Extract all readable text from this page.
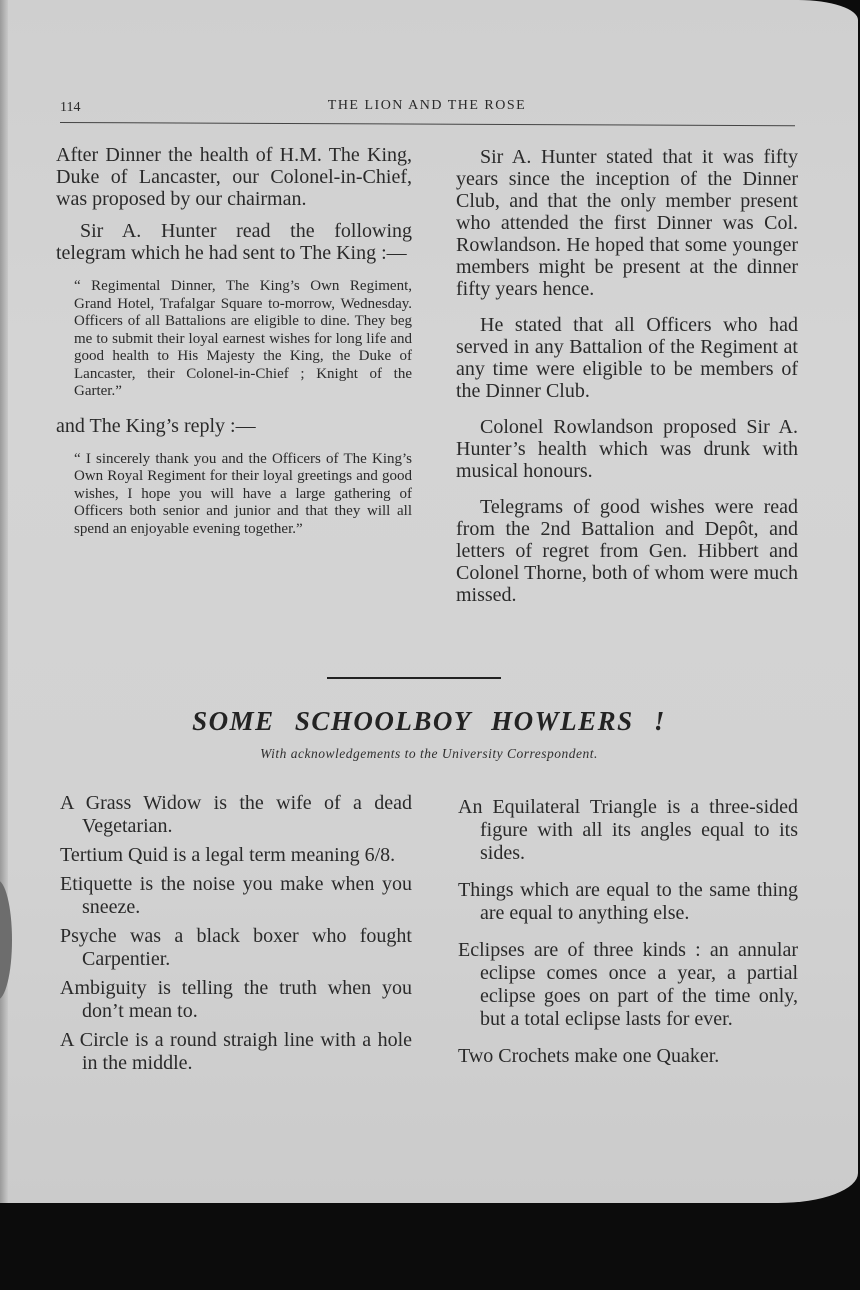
114	THE LION AND THE ROSE

After Dinner the health of H.M. The King, Duke of Lancaster, our Colonel-in-Chief, was proposed by our chairman.

Sir A. Hunter read the following telegram which he had sent to The King :—

“ Regimental Dinner, The King’s Own Regiment, Grand Hotel, Trafalgar Square to-morrow, Wednesday. Officers of all Battalions are eligible to dine. They beg me to submit their loyal earnest wishes for long life and good health to His Majesty the King, the Duke of Lancaster, their Colonel-in-Chief ; Knight of the Garter.”

and The King’s reply :—

“ I sincerely thank you and the Officers of The King’s Own Royal Regiment for their loyal greetings and good wishes, I hope you will have a large gathering of Officers both senior and junior and that they will all spend an enjoyable evening together.”

Sir A. Hunter stated that it was fifty years since the inception of the Dinner Club, and that the only member present who attended the first Dinner was Col. Rowlandson. He hoped that some younger members might be present at the dinner fifty years hence.

He stated that all Officers who had served in any Battalion of the Regiment at any time were eligible to be members of the Dinner Club.

Colonel Rowlandson proposed Sir A. Hunter’s health which was drunk with musical honours.

Telegrams of good wishes were read from the 2nd Battalion and Depôt, and letters of regret from Gen. Hibbert and Colonel Thorne, both of whom were much missed.

SOME SCHOOLBOY HOWLERS !
With acknowledgements to the University Correspondent.

A Grass Widow is the wife of a dead Vegetarian.

Tertium Quid is a legal term meaning 6/8.

Etiquette is the noise you make when you sneeze.

Psyche was a black boxer who fought Carpentier.

Ambiguity is telling the truth when you don’t mean to.

A Circle is a round straigh line with a hole in the middle.

An Equilateral Triangle is a three-sided figure with all its angles equal to its sides.

Things which are equal to the same thing are equal to anything else.

Eclipses are of three kinds : an annular eclipse comes once a year, a partial eclipse goes on part of the time only, but a total eclipse lasts for ever.

Two Crochets make one Quaker.
